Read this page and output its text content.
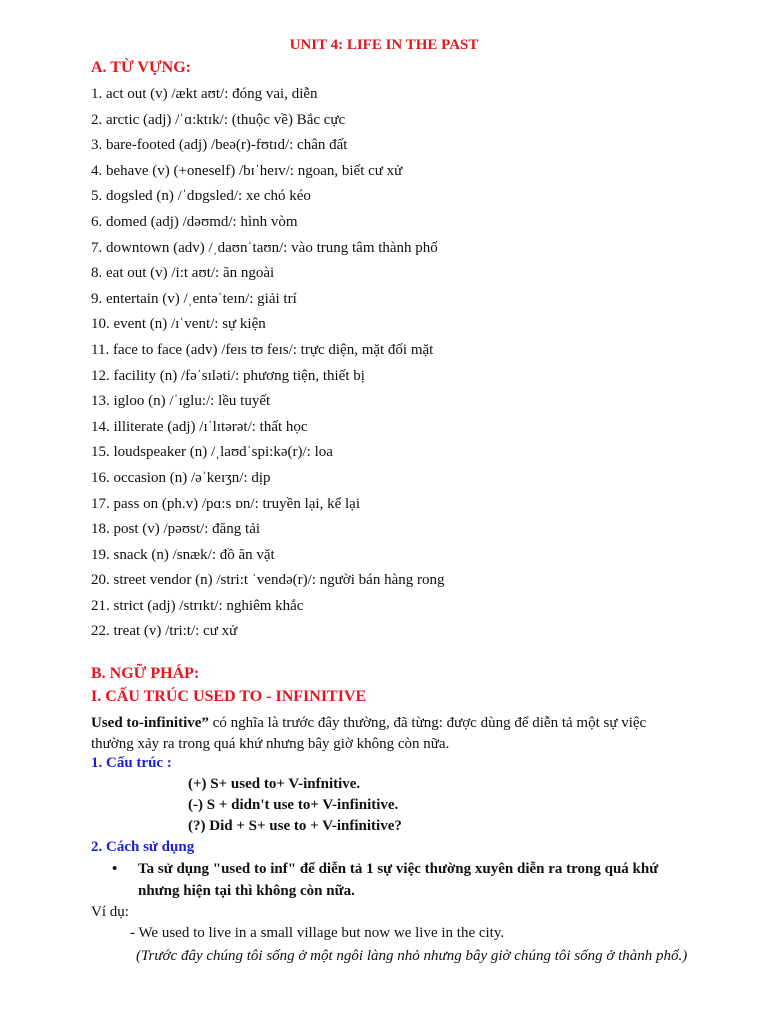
UNIT 4: LIFE IN THE PAST
A. TỪ VỰNG:
1. act out (v) /ækt aʊt/: đóng vai, diễn
2. arctic (adj) /ˈɑ:ktɪk/: (thuộc về) Bắc cực
3. bare-footed (adj) /beə(r)-fʊtɪd/: chân đất
4. behave (v) (+oneself) /bɪˈheɪv/: ngoan, biết cư xử
5. dogsled (n) /ˈdɒgsled/: xe chó kéo
6. domed (adj) /dəʊmd/: hình vòm
7. downtown (adv) /ˌdaʊnˈtaʊn/: vào trung tâm thành phố
8. eat out (v) /i:t aʊt/: ăn ngoài
9. entertain (v) /ˌentəˈteɪn/: giải trí
10. event (n) /ɪˈvent/: sự kiện
11. face to face (adv) /feɪs tʊ feɪs/: trực diện, mặt đối mặt
12. facility (n) /fəˈsɪləti/: phương tiện, thiết bị
13. igloo (n) /ˈɪglu:/: lều tuyết
14. illiterate (adj) /ɪˈlɪtərət/: thất học
15. loudspeaker (n) /ˌlaʊdˈspi:kə(r)/: loa
16. occasion (n) /əˈkeɪʒn/: dịp
17. pass on (ph.v) /pɑ:s ɒn/: truyền lại, kể lại
18. post (v) /pəʊst/: đăng tải
19. snack (n) /snæk/: đồ ăn vặt
20. street vendor (n) /stri:t ˈvendə(r)/: người bán hàng rong
21. strict (adj) /strɪkt/: nghiêm khắc
22. treat (v) /tri:t/: cư xử
B. NGỮ PHÁP:
I. CẤU TRÚC USED TO - INFINITIVE
Used to-infinitive” có nghĩa là trước đây thường, đã từng: được dùng để diễn tả một sự việc thường xảy ra trong quá khứ nhưng bây giờ không còn nữa.
1. Cấu trúc :
(+) S+ used to+ V-infnitive.
(-) S + didn't use to+ V-infinitive.
(?) Did + S+ use to + V-infinitive?
2. Cách sử dụng
• Ta sử dụng "used to inf" để diễn tả 1 sự việc thường xuyên diễn ra trong quá khứ nhưng hiện tại thì không còn nữa.
Ví dụ:
- We used to live in a small village but now we live in the city.
(Trước đây chúng tôi sống ở một ngôi làng nhỏ nhưng bây giờ chúng tôi sống ở thành phố.)
